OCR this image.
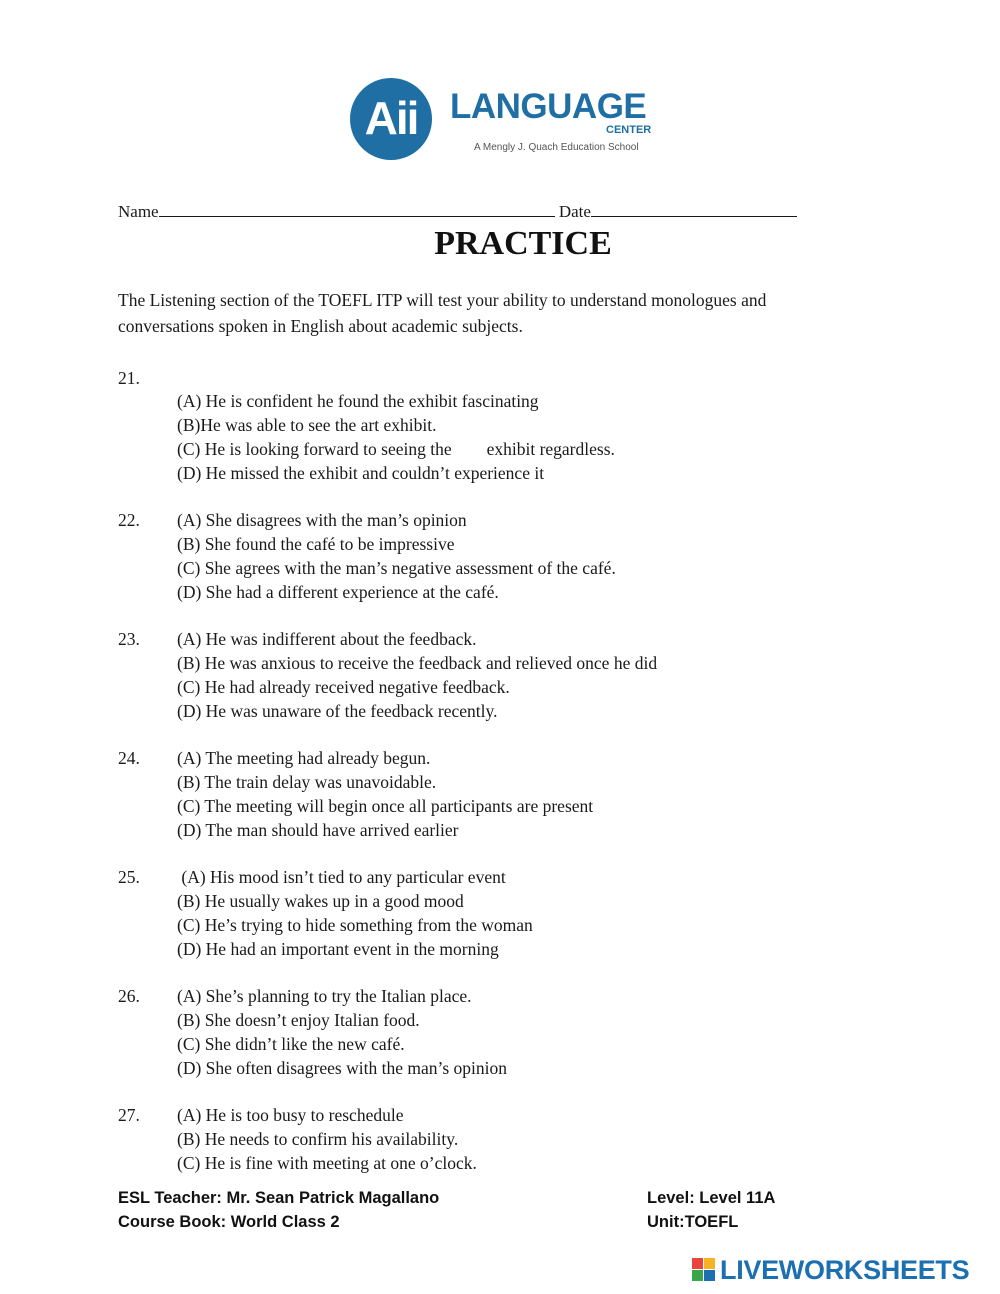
Aii LANGUAGE
CENTER
A Mengly J. Quach Education School
Name	Date
PRACTICE
The Listening section of the TOEFL ITP will test your ability to understand monologues and conversations spoken in English about academic subjects.
21.
(A) He is confident he found the exhibit fascinating
(B)He was able to see the art exhibit.
(C) He is looking forward to seeing the        exhibit regardless.
(D) He missed the exhibit and couldn’t experience it
22. (A) She disagrees with the man’s opinion
(B) She found the café to be impressive
(C) She agrees with the man’s negative assessment of the café.
(D) She had a different experience at the café.
23. (A) He was indifferent about the feedback.
(B) He was anxious to receive the feedback and relieved once he did
(C) He had already received negative feedback.
(D) He was unaware of the feedback recently.
24. (A) The meeting had already begun.
(B) The train delay was unavoidable.
(C) The meeting will begin once all participants are present
(D) The man should have arrived earlier
25. (A) His mood isn’t tied to any particular event
(B) He usually wakes up in a good mood
(C) He’s trying to hide something from the woman
(D) He had an important event in the morning
26. (A) She’s planning to try the Italian place.
(B) She doesn’t enjoy Italian food.
(C) She didn’t like the new café.
(D) She often disagrees with the man’s opinion
27. (A) He is too busy to reschedule
(B) He needs to confirm his availability.
(C) He is fine with meeting at one o’clock.
ESL Teacher: Mr. Sean Patrick Magallano
Course Book: World Class 2
Level: Level 11A
Unit:TOEFL
LIVEWORKSHEETS
